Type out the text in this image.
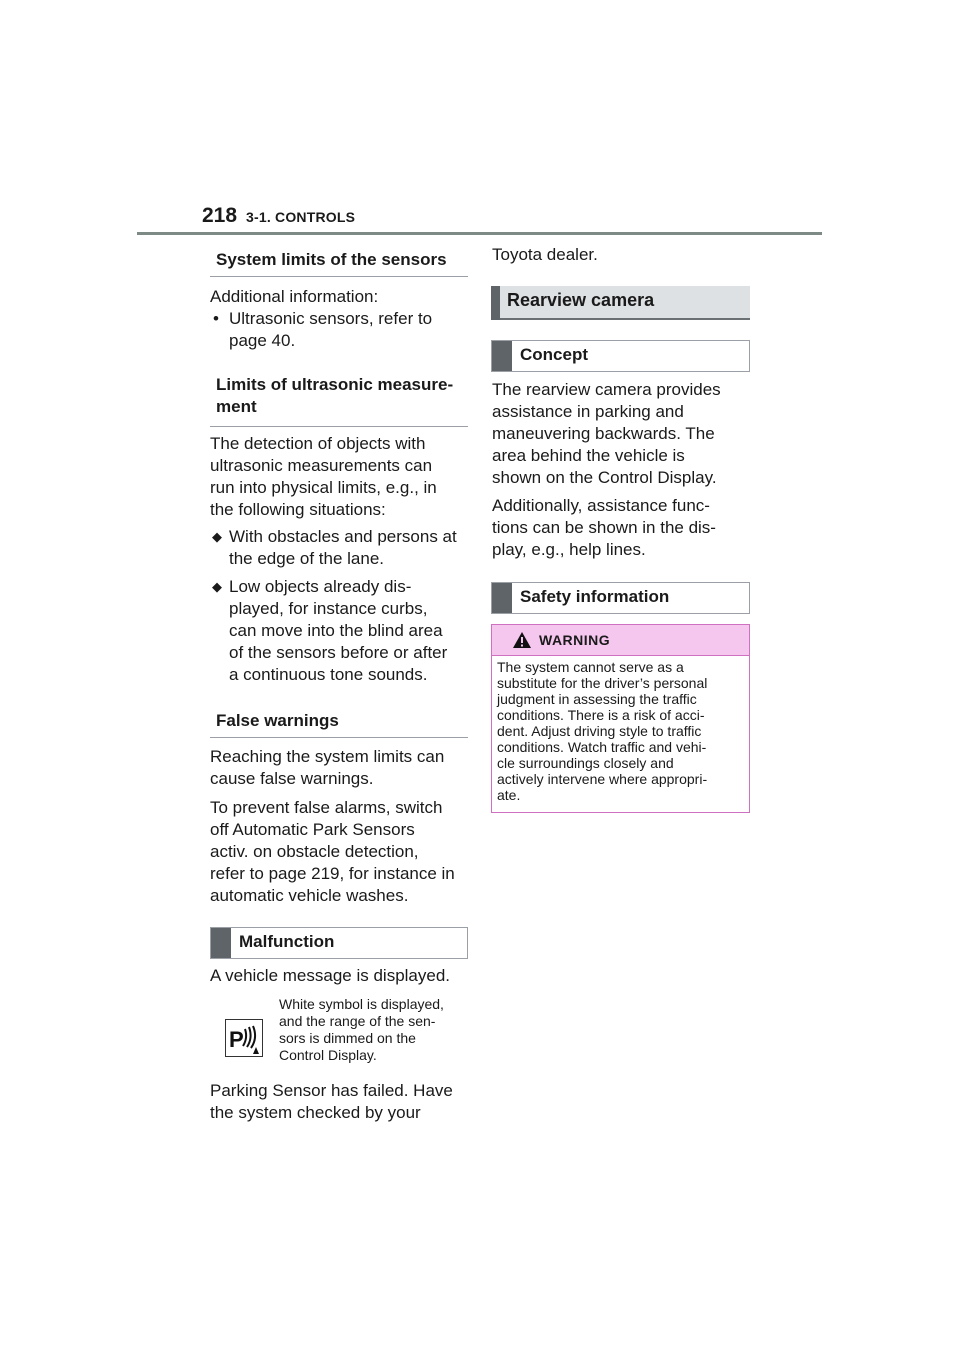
218 3-1. CONTROLS
System limits of the sensors
Additional information:
• Ultrasonic sensors, refer to
page 40.
Limits of ultrasonic measure-
ment
The detection of objects with
ultrasonic measurements can
run into physical limits, e.g., in
the following situations:
◆ With obstacles and persons at
the edge of the lane.
◆ Low objects already dis-
played, for instance curbs,
can move into the blind area
of the sensors before or after
a continuous tone sounds.
False warnings
Reaching the system limits can
cause false warnings.
To prevent false alarms, switch
off Automatic Park Sensors
activ. on obstacle detection,
refer to page 219, for instance in
automatic vehicle washes.
Malfunction
A vehicle message is displayed.
P
White symbol is displayed,
and the range of the sen-
sors is dimmed on the
Control Display.
Parking Sensor has failed. Have
the system checked by your
Toyota dealer.
Rearview camera
Concept
The rearview camera provides
assistance in parking and
maneuvering backwards. The
area behind the vehicle is
shown on the Control Display.
Additionally, assistance func-
tions can be shown in the dis-
play, e.g., help lines.
Safety information
WARNING
The system cannot serve as a
substitute for the driver’s personal
judgment in assessing the traffic
conditions. There is a risk of acci-
dent. Adjust driving style to traffic
conditions. Watch traffic and vehi-
cle surroundings closely and
actively intervene where appropri-
ate.
